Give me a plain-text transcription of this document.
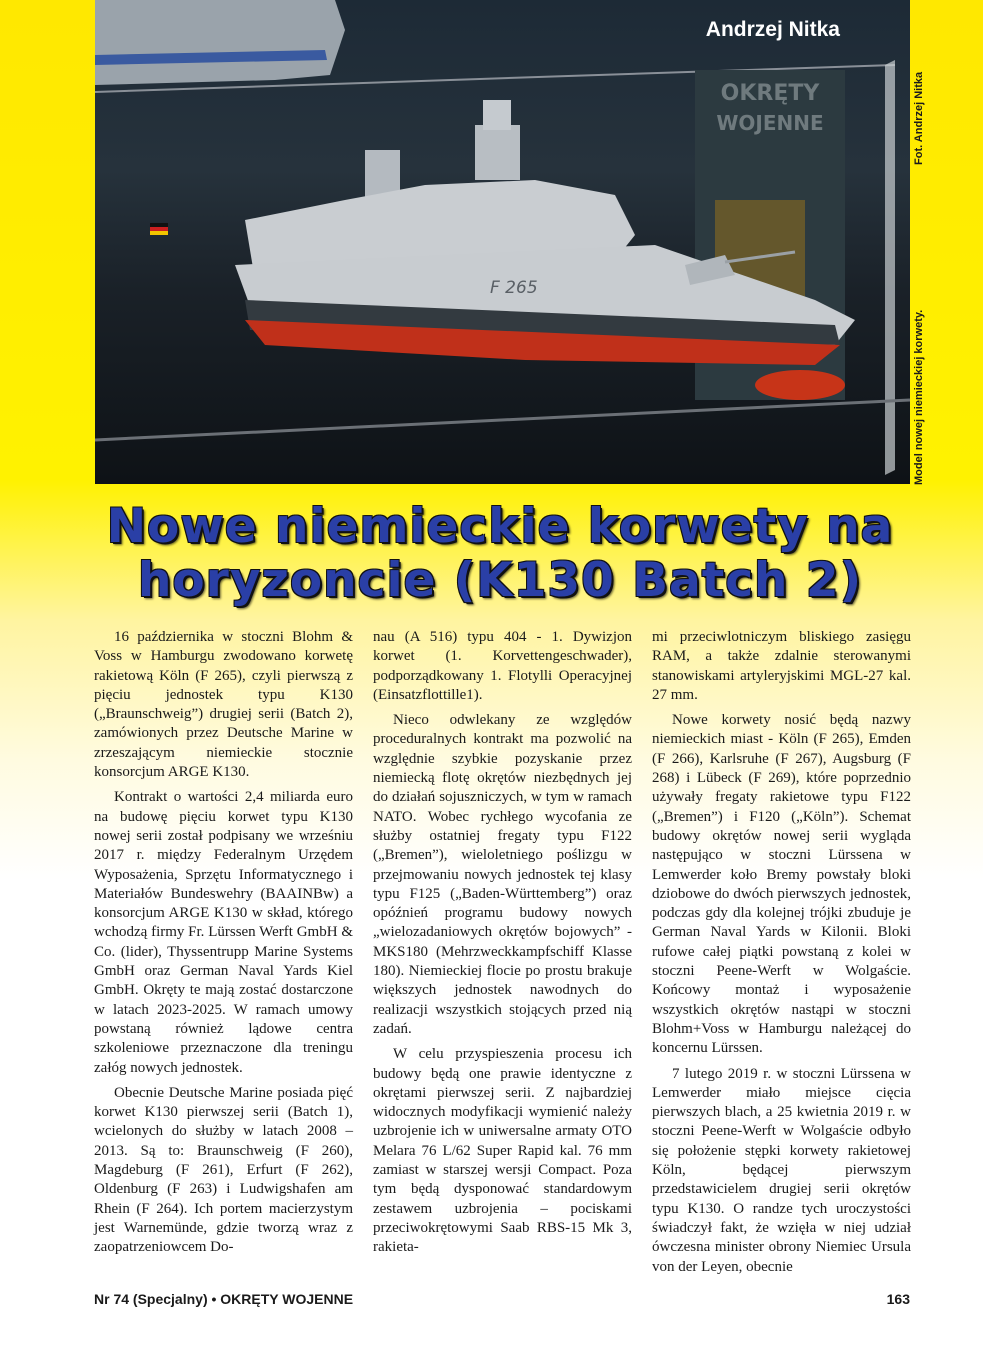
OKRĘTY
WOJENNE
F 265
Andrzej Nitka
Fot. Andrzej Nitka
Model nowej niemieckiej korwety.
Nowe niemieckie korwety na
horyzoncie (K130 Batch 2)

16 października w stoczni Blohm & Voss w Hamburgu zwodowano korwetę rakietową Köln (F 265), czyli pierwszą z pięciu jednostek typu K130 („Braunschweig”) drugiej serii (Batch 2), zamówionych przez Deutsche Marine w zrzeszającym niemieckie stocznie konsorcjum ARGE K130.

Kontrakt o wartości 2,4 miliarda euro na budowę pięciu korwet typu K130 nowej serii został podpisany we wrześniu 2017 r. między Federalnym Urzędem Wyposażenia, Sprzętu Informatycznego i Materiałów Bundeswehry (BAAINBw) a konsorcjum ARGE K130 w skład, którego wchodzą firmy Fr. Lürssen Werft GmbH & Co. (lider), Thyssentrupp Marine Systems GmbH oraz German Naval Yards Kiel GmbH. Okręty te mają zostać dostarczone w latach 2023-2025. W ramach umowy powstaną również lądowe centra szkoleniowe przeznaczone dla treningu załóg nowych jednostek.

Obecnie Deutsche Marine posiada pięć korwet K130 pierwszej serii (Batch 1), wcielonych do służby w latach 2008 – 2013. Są to: Braunschweig (F 260), Magdeburg (F 261), Erfurt (F 262), Oldenburg (F 263) i Ludwigshafen am Rhein (F 264). Ich portem macierzystym jest Warnemünde, gdzie tworzą wraz z zaopatrzeniowcem Do-

nau (A 516) typu 404 - 1. Dywizjon korwet (1. Korvettengeschwader), podporządkowany 1. Flotylli Operacyjnej (Einsatzflottille1).

Nieco odwlekany ze względów proceduralnych kontrakt ma pozwolić na względnie szybkie pozyskanie przez niemiecką flotę okrętów niezbędnych jej do działań sojuszniczych, w tym w ramach NATO. Wobec rychłego wycofania ze służby ostatniej fregaty typu F122 („Bremen”), wieloletniego poślizgu w przejmowaniu nowych jednostek tej klasy typu F125 („Baden-Württemberg”) oraz opóźnień programu budowy nowych „wielozadaniowych okrętów bojowych” - MKS180 (Mehrzweckkampfschiff Klasse 180). Niemieckiej flocie po prostu brakuje większych jednostek nawodnych do realizacji wszystkich stojących przed nią zadań.

W celu przyspieszenia procesu ich budowy będą one prawie identyczne z okrętami pierwszej serii. Z najbardziej widocznych modyfikacji wymienić należy uzbrojenie ich w uniwersalne armaty OTO Melara 76 L/62 Super Rapid kal. 76 mm zamiast w starszej wersji Compact. Poza tym będą dysponować standardowym zestawem uzbrojenia – pociskami przeciwokrętowymi Saab RBS-15 Mk 3, rakieta-

mi przeciwlotniczym bliskiego zasięgu RAM, a także zdalnie sterowanymi stanowiskami artyleryjskimi MGL-27 kal. 27 mm.

Nowe korwety nosić będą nazwy niemieckich miast - Köln (F 265), Emden (F 266), Karlsruhe (F 267), Augsburg (F 268) i Lübeck (F 269), które poprzednio używały fregaty rakietowe typu F122 („Bremen”) i F120 („Köln”). Schemat budowy okrętów nowej serii wygląda następująco w stoczni Lürssena w Lemwerder koło Bremy powstały bloki dziobowe do dwóch pierwszych jednostek, podczas gdy dla kolejnej trójki zbuduje je German Naval Yards w Kilonii. Bloki rufowe całej piątki powstaną z kolei w stoczni Peene-Werft w Wolgaście. Końcowy montaż i wyposażenie wszystkich okrętów nastąpi w stoczni Blohm+Voss w Hamburgu należącej do koncernu Lürssen.

7 lutego 2019 r. w stoczni Lürssena w Lemwerder miało miejsce cięcia pierwszych blach, a 25 kwietnia 2019 r. w stoczni Peene-Werft w Wolgaście odbyło się położenie stępki korwety rakietowej Köln, będącej pierwszym przedstawicielem drugiej serii okrętów typu K130. O randze tych uroczystości świadczył fakt, że wzięła w niej udział ówczesna minister obrony Niemiec Ursula von der Leyen, obecnie

Nr 74 (Specjalny) • OKRĘTY WOJENNE	163
